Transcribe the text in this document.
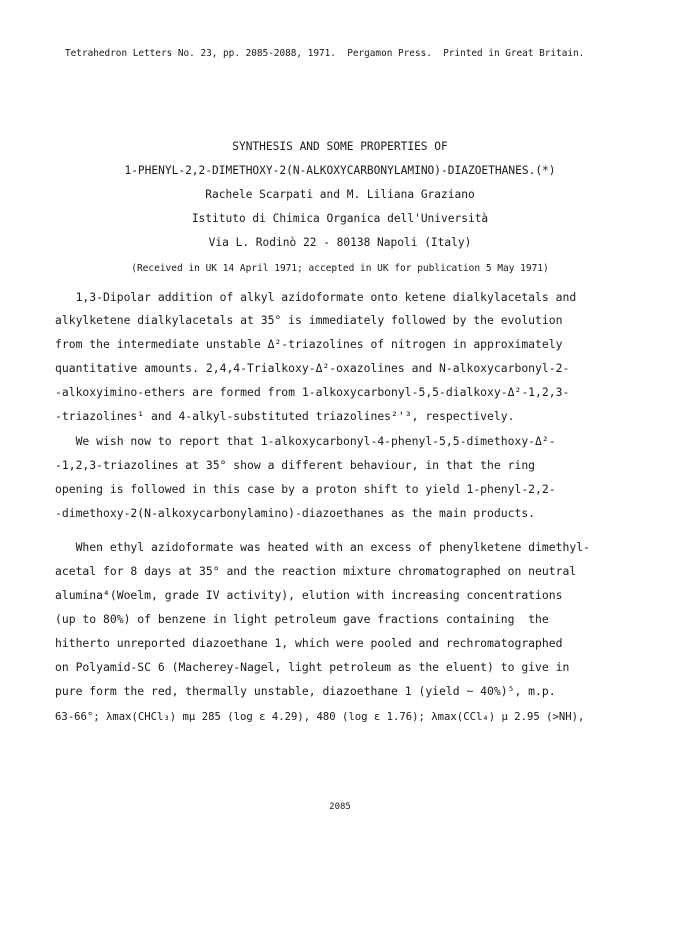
Tetrahedron Letters No. 23, pp. 2085-2088, 1971.  Pergamon Press.  Printed in Great Britain.
SYNTHESIS AND SOME PROPERTIES OF
1-PHENYL-2,2-DIMETHOXY-2(N-ALKOXYCARBONYLAMINO)-DIAZOETHANES.(*)
Rachele Scarpati and M. Liliana Graziano
Istituto di Chimica Organica dell'Università
Via L. Rodinò 22 - 80138 Napoli (Italy)
(Received in UK 14 April 1971; accepted in UK for publication 5 May 1971)
1,3-Dipolar addition of alkyl azidoformate onto ketene dialkylacetals and
alkylketene dialkylacetals at 35° is immediately followed by the evolution
from the intermediate unstable Δ²-triazolines of nitrogen in approximately
quantitative amounts. 2,4,4-Trialkoxy-Δ²-oxazolines and N-alkoxycarbonyl-2-
-alkoxyimino-ethers are formed from 1-alkoxycarbonyl-5,5-dialkoxy-Δ²-1,2,3-
-triazolines¹ and 4-alkyl-substituted triazolines²'³, respectively.
We wish now to report that 1-alkoxycarbonyl-4-phenyl-5,5-dimethoxy-Δ²-
-1,2,3-triazolines at 35° show a different behaviour, in that the ring
opening is followed in this case by a proton shift to yield 1-phenyl-2,2-
-dimethoxy-2(N-alkoxycarbonylamino)-diazoethanes as the main products.
When ethyl azidoformate was heated with an excess of phenylketene dimethyl-
acetal for 8 days at 35° and the reaction mixture chromatographed on neutral
alumina⁴(Woelm, grade IV activity), elution with increasing concentrations
(up to 80%) of benzene in light petroleum gave fractions containing  the
hitherto unreported diazoethane 1, which were pooled and rechromatographed
on Polyamid-SC 6 (Macherey-Nagel, light petroleum as the eluent) to give in
pure form the red, thermally unstable, diazoethane 1 (yield ~ 40%)⁵, m.p.
63-66°; λmax(CHCl₃) mμ 285 (log ε 4.29), 480 (log ε 1.76); λmax(CCl₄) μ 2.95 (>NH),
2085
